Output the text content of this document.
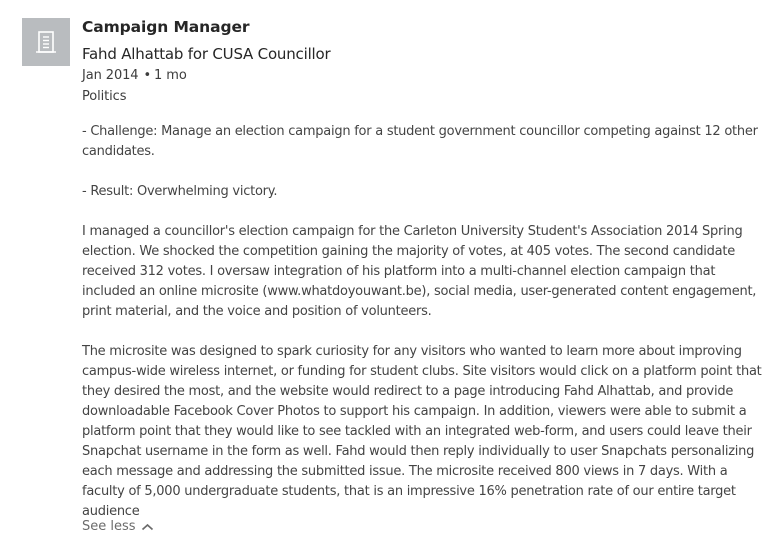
Campaign Manager
Fahd Alhattab for CUSA Councillor
Jan 2014 • 1 mo
Politics

- Challenge: Manage an election campaign for a student government councillor competing against 12 other candidates.

- Result: Overwhelming victory.

I managed a councillor's election campaign for the Carleton University Student's Association 2014 Spring election. We shocked the competition gaining the majority of votes, at 405 votes. The second candidate received 312 votes. I oversaw integration of his platform into a multi-channel election campaign that included an online microsite (www.whatdoyouwant.be), social media, user-generated content engagement, print material, and the voice and position of volunteers.

The microsite was designed to spark curiosity for any visitors who wanted to learn more about improving campus-wide wireless internet, or funding for student clubs. Site visitors would click on a platform point that they desired the most, and the website would redirect to a page introducing Fahd Alhattab, and provide downloadable Facebook Cover Photos to support his campaign. In addition, viewers were able to submit a platform point that they would like to see tackled with an integrated web-form, and users could leave their Snapchat username in the form as well. Fahd would then reply individually to user Snapchats personalizing each message and addressing the submitted issue. The microsite received 800 views in 7 days. With a faculty of 5,000 undergraduate students, that is an impressive 16% penetration rate of our entire target audience

See less
